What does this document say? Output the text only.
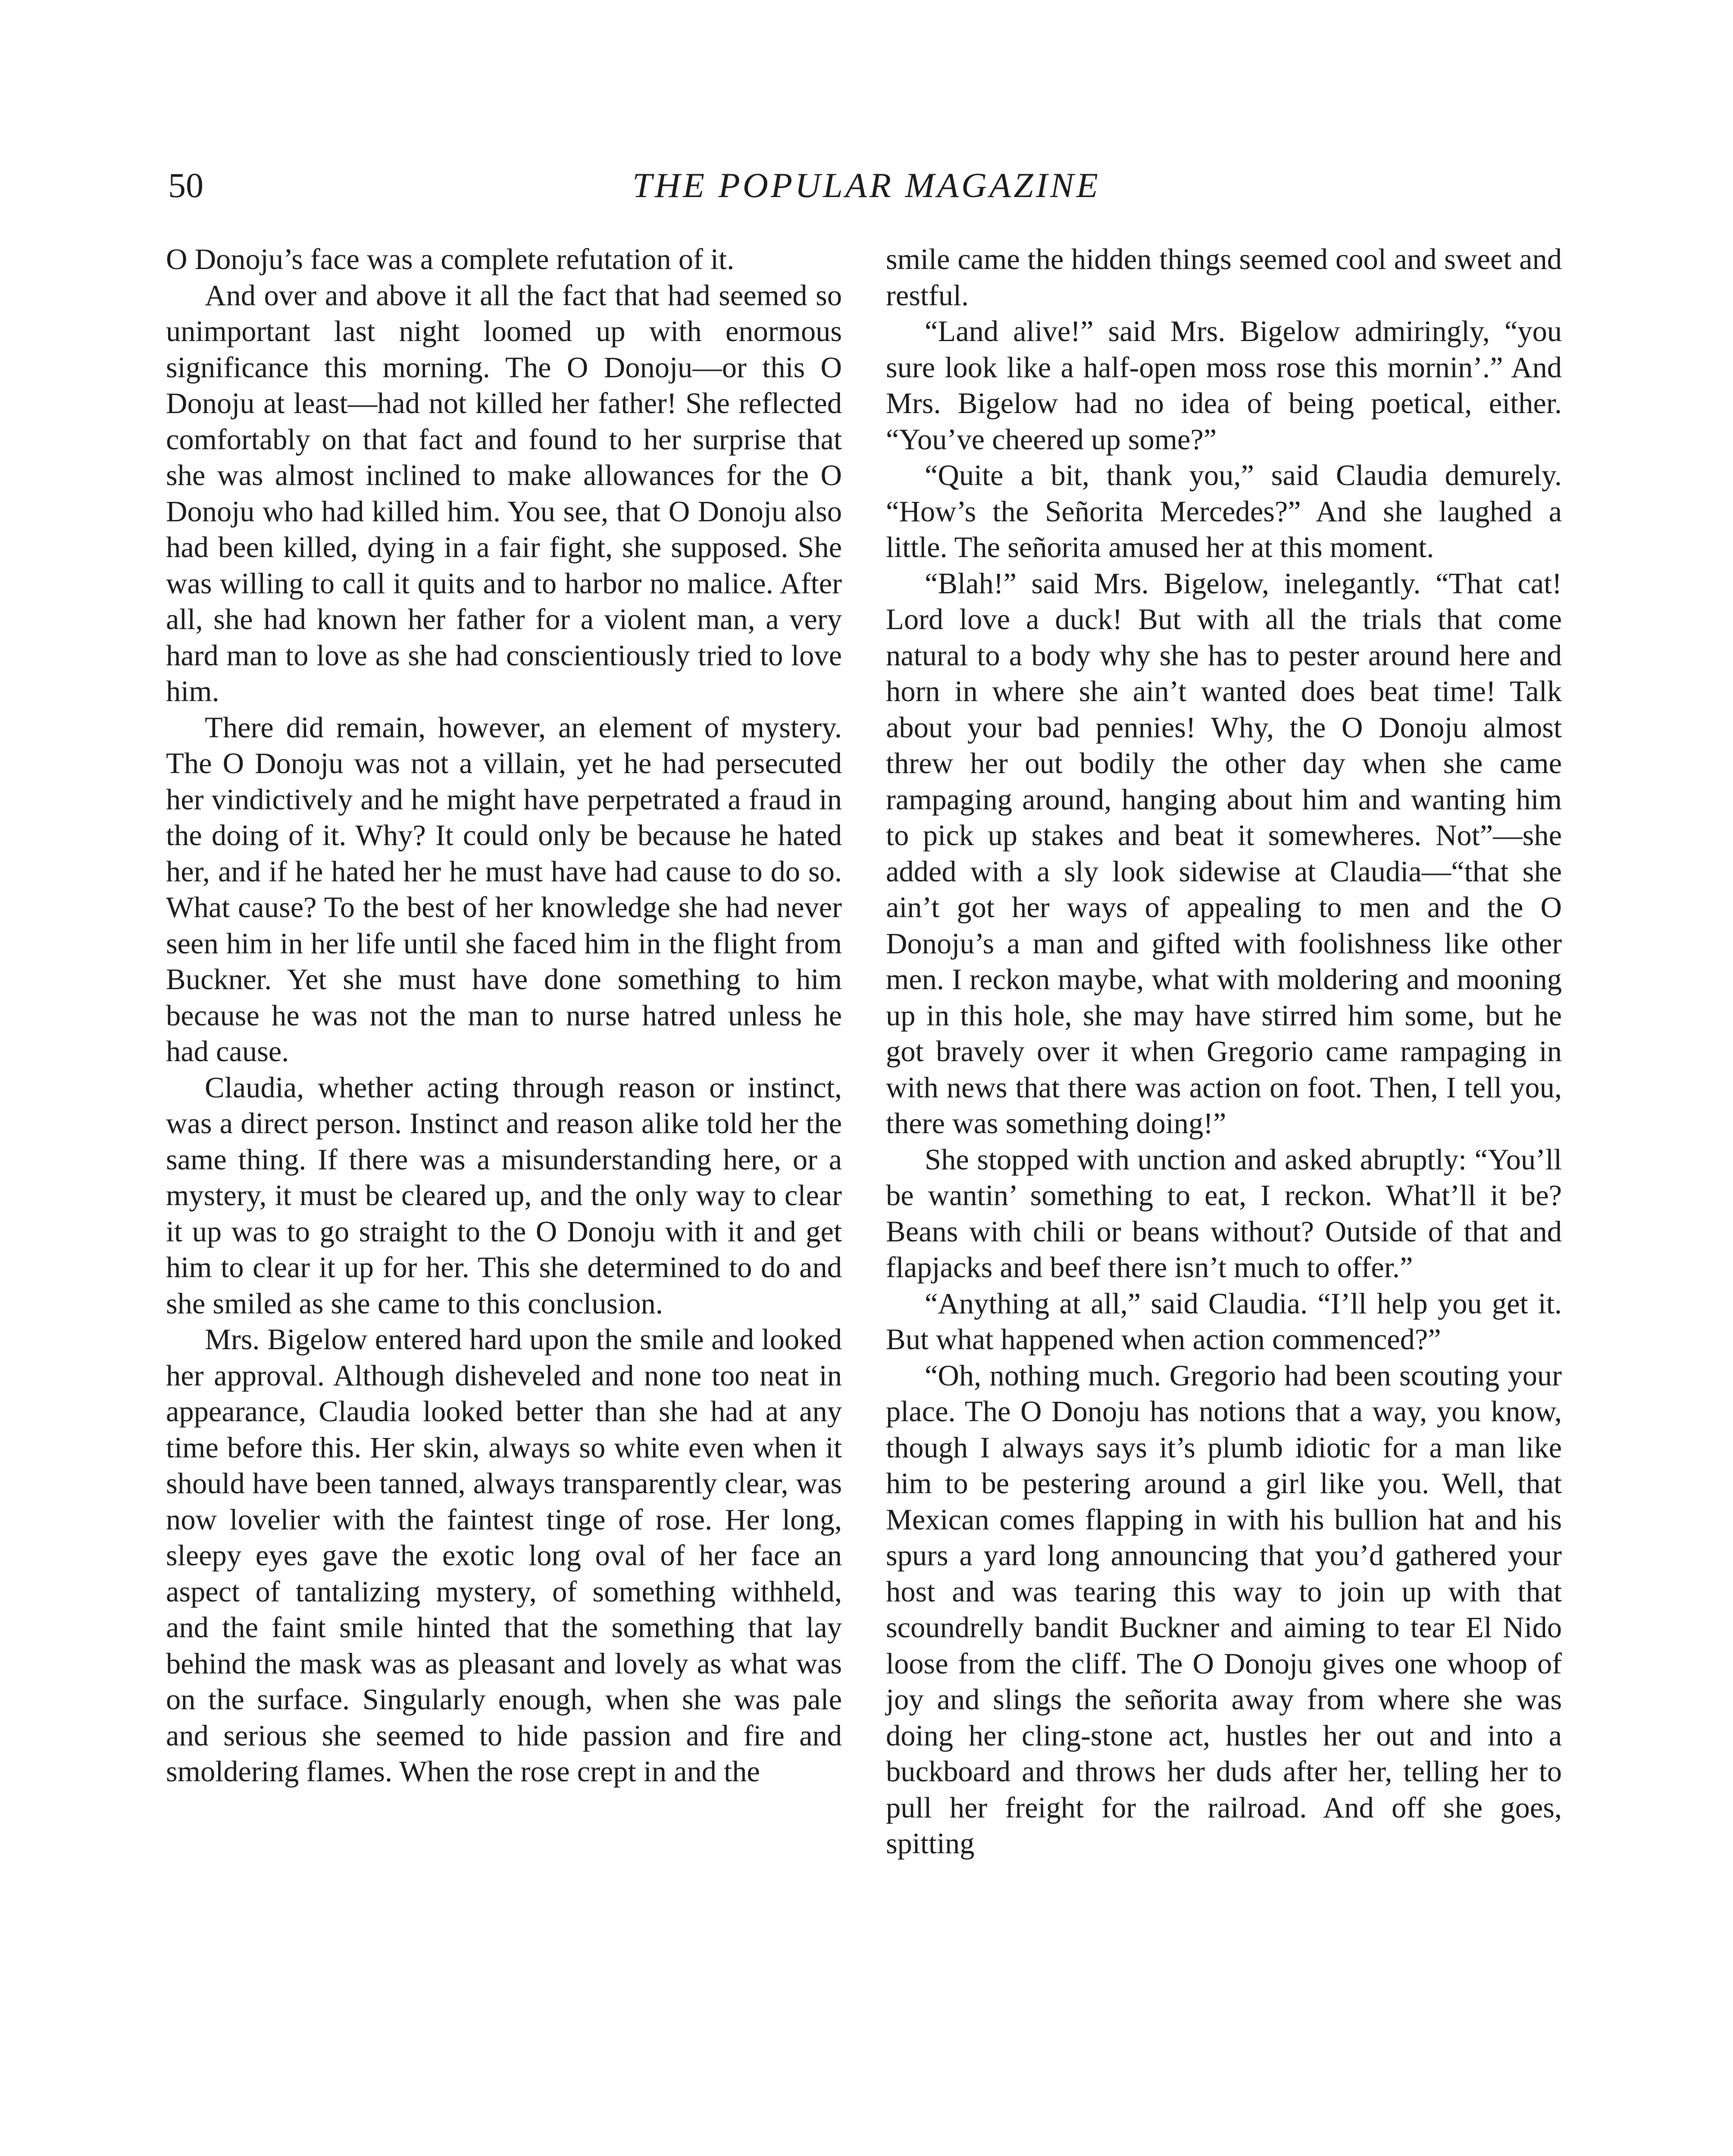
50	THE POPULAR MAGAZINE

O Donoju’s face was a complete refutation of it.

And over and above it all the fact that had seemed so unimportant last night loomed up with enormous significance this morning. The O Donoju—or this O Donoju at least—had not killed her father! She reflected comfortably on that fact and found to her surprise that she was almost inclined to make allowances for the O Donoju who had killed him. You see, that O Donoju also had been killed, dying in a fair fight, she supposed. She was willing to call it quits and to harbor no malice. After all, she had known her father for a violent man, a very hard man to love as she had conscientiously tried to love him.

There did remain, however, an element of mystery. The O Donoju was not a villain, yet he had persecuted her vindictively and he might have perpetrated a fraud in the doing of it. Why? It could only be because he hated her, and if he hated her he must have had cause to do so. What cause? To the best of her knowledge she had never seen him in her life until she faced him in the flight from Buckner. Yet she must have done something to him because he was not the man to nurse hatred unless he had cause.

Claudia, whether acting through reason or instinct, was a direct person. Instinct and reason alike told her the same thing. If there was a misunderstanding here, or a mystery, it must be cleared up, and the only way to clear it up was to go straight to the O Donoju with it and get him to clear it up for her. This she determined to do and she smiled as she came to this conclusion.

Mrs. Bigelow entered hard upon the smile and looked her approval. Although disheveled and none too neat in appearance, Claudia looked better than she had at any time before this. Her skin, always so white even when it should have been tanned, always transparently clear, was now lovelier with the faintest tinge of rose. Her long, sleepy eyes gave the exotic long oval of her face an aspect of tantalizing mystery, of something withheld, and the faint smile hinted that the something that lay behind the mask was as pleasant and lovely as what was on the surface. Singularly enough, when she was pale and serious she seemed to hide passion and fire and smoldering flames. When the rose crept in and the

smile came the hidden things seemed cool and sweet and restful.

“Land alive!” said Mrs. Bigelow admiringly, “you sure look like a half-open moss rose this mornin’.” And Mrs. Bigelow had no idea of being poetical, either. “You’ve cheered up some?”

“Quite a bit, thank you,” said Claudia demurely. “How’s the Señorita Mercedes?” And she laughed a little. The señorita amused her at this moment.

“Blah!” said Mrs. Bigelow, inelegantly. “That cat! Lord love a duck! But with all the trials that come natural to a body why she has to pester around here and horn in where she ain’t wanted does beat time! Talk about your bad pennies! Why, the O Donoju almost threw her out bodily the other day when she came rampaging around, hanging about him and wanting him to pick up stakes and beat it somewheres. Not”—she added with a sly look sidewise at Claudia—“that she ain’t got her ways of appealing to men and the O Donoju’s a man and gifted with foolishness like other men. I reckon maybe, what with moldering and mooning up in this hole, she may have stirred him some, but he got bravely over it when Gregorio came rampaging in with news that there was action on foot. Then, I tell you, there was something doing!”

She stopped with unction and asked abruptly: “You’ll be wantin’ something to eat, I reckon. What’ll it be? Beans with chili or beans without? Outside of that and flapjacks and beef there isn’t much to offer.”

“Anything at all,” said Claudia. “I’ll help you get it. But what happened when action commenced?”

“Oh, nothing much. Gregorio had been scouting your place. The O Donoju has notions that a way, you know, though I always says it’s plumb idiotic for a man like him to be pestering around a girl like you. Well, that Mexican comes flapping in with his bullion hat and his spurs a yard long announcing that you’d gathered your host and was tearing this way to join up with that scoundrelly bandit Buckner and aiming to tear El Nido loose from the cliff. The O Donoju gives one whoop of joy and slings the señorita away from where she was doing her cling-stone act, hustles her out and into a buckboard and throws her duds after her, telling her to pull her freight for the railroad. And off she goes, spitting
